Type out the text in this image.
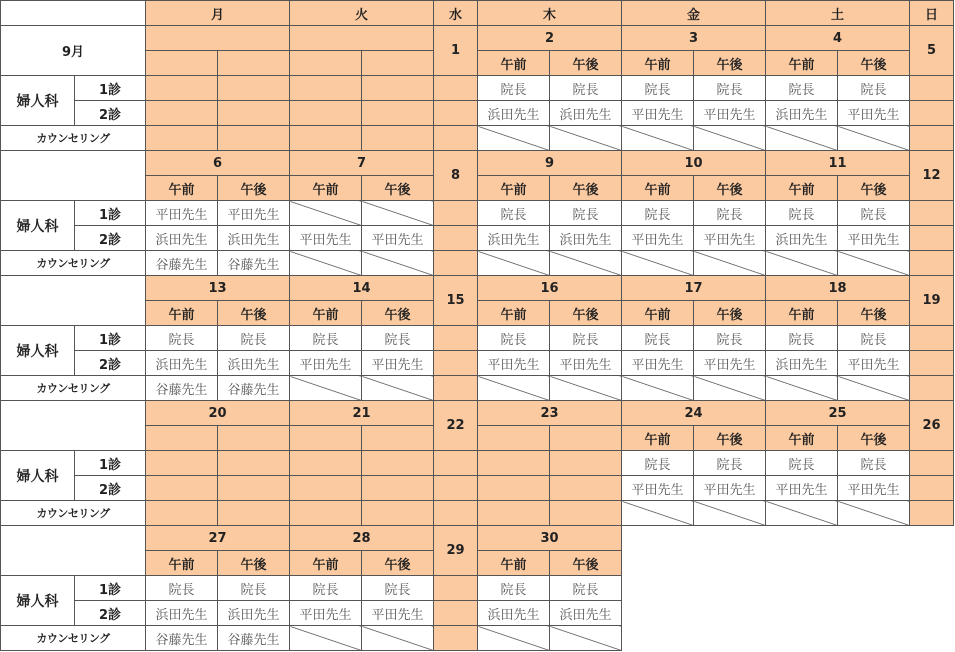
		月		火		水	木		金		土		日
9月						1	2		3		4		5
							午前	午後	午前	午後	午前	午後	
婦人科	1診						院長	院長	院長	院長	院長	院長	
	2診						浜田先生	浜田先生	平田先生	平田先生	浜田先生	平田先生	
カウンセリング													
		6		7		8	9		10		11		12
		午前	午後	午前	午後		午前	午後	午前	午後	午前	午後	
婦人科	1診	平田先生	平田先生				院長	院長	院長	院長	院長	院長	
	2診	浜田先生	浜田先生	平田先生	平田先生		浜田先生	浜田先生	平田先生	平田先生	浜田先生	平田先生	
カウンセリング		谷藤先生	谷藤先生										
		13		14		15	16		17		18		19
		午前	午後	午前	午後		午前	午後	午前	午後	午前	午後	
婦人科	1診	院長	院長	院長	院長		院長	院長	院長	院長	院長	院長	
	2診	浜田先生	浜田先生	平田先生	平田先生		平田先生	平田先生	平田先生	平田先生	浜田先生	平田先生	
カウンセリング		谷藤先生	谷藤先生										
		20		21		22	23		24		25		26
									午前	午後	午前	午後	
婦人科	1診								院長	院長	院長	院長	
	2診								平田先生	平田先生	平田先生	平田先生	
カウンセリング													
		27		28		29	30						
		午前	午後	午前	午後		午前	午後					
婦人科	1診	院長	院長	院長	院長		院長	院長					
	2診	浜田先生	浜田先生	平田先生	平田先生		浜田先生	浜田先生					
カウンセリング		谷藤先生	谷藤先生										
